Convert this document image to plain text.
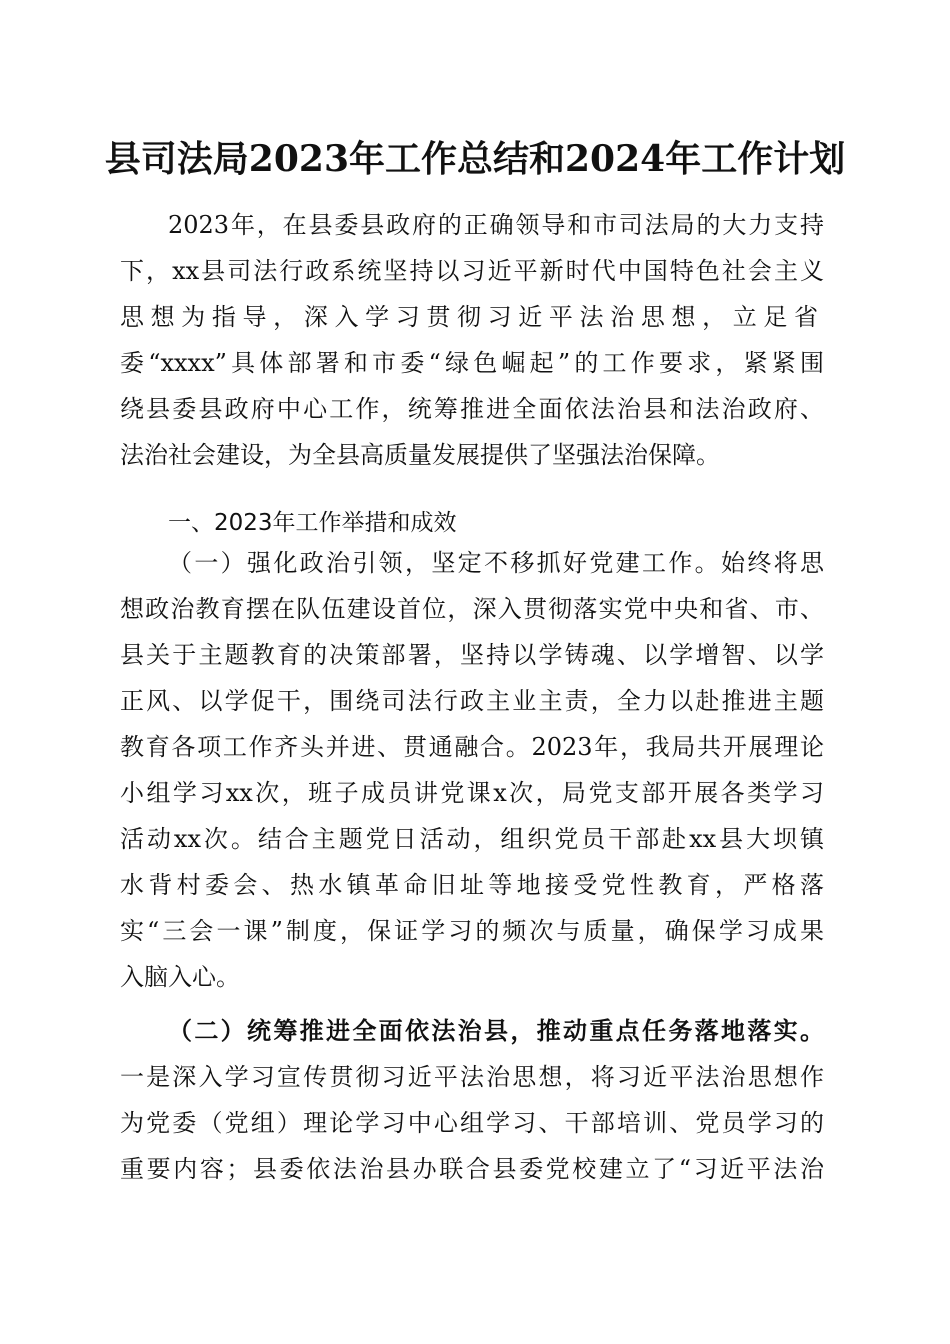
县司法局2023年工作总结和2024年工作计划
2023年，在县委县政府的正确领导和市司法局的大力支持
下，xx县司法行政系统坚持以习近平新时代中国特色社会主义
思想为指导，深入学习贯彻习近平法治思想，立足省
委“xxxx”具体部署和市委“绿色崛起”的工作要求，紧紧围
绕县委县政府中心工作，统筹推进全面依法治县和法治政府、
法治社会建设，为全县高质量发展提供了坚强法治保障。
一、2023年工作举措和成效
（一）强化政治引领，坚定不移抓好党建工作。始终将思
想政治教育摆在队伍建设首位，深入贯彻落实党中央和省、市、
县关于主题教育的决策部署，坚持以学铸魂、以学增智、以学
正风、以学促干，围绕司法行政主业主责，全力以赴推进主题
教育各项工作齐头并进、贯通融合。2023年，我局共开展理论
小组学习xx次，班子成员讲党课x次，局党支部开展各类学习
活动xx次。结合主题党日活动，组织党员干部赴xx县大坝镇
水背村委会、热水镇革命旧址等地接受党性教育，严格落
实“三会一课”制度，保证学习的频次与质量，确保学习成果
入脑入心。
（二）统筹推进全面依法治县，推动重点任务落地落实。
一是深入学习宣传贯彻习近平法治思想，将习近平法治思想作
为党委（党组）理论学习中心组学习、干部培训、党员学习的
重要内容；县委依法治县办联合县委党校建立了“习近平法治
